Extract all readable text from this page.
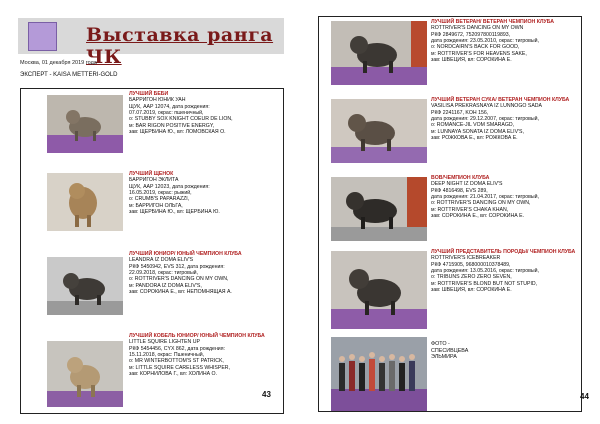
Выставка ранга ЧК
Москва, 01 декабря 2019 года
ЭКСПЕРТ - KAISA METTERI-GOLD
ЛУЧШИЙ БЕБИ
БАРРИГОН ЮНИК УАН
ЩУК, AAP 12074, дата рождения:
07.07.2019, окрас: пшеничный,
о: STUBBY SOX KNIGHT COEUR DE LION,
м: BAR RIGON POSITIVE ENERGY,
зав: ЩЕРБИНА Ю., вл: ЛОМОВСКАЯ О.
ЛУЧШИЙ ЩЕНОК
БАРРИГОН ЭКЛИТА
ЩУК, AAP 12023, дата рождения:
16.05.2019, окрас: рыжий,
о: CRUMB'S PAPARAZZI,
м: БАРРИГОН ОЛЬГА,
зав: ЩЕРБИНА Ю., вл: ЩЕРБИНА Ю.
ЛУЧШИЙ ЮНИОР/ ЮНЫЙ ЧЕМПИОН КЛУБА
LEANDRA IZ DOMA ELIV'S
РКФ 5450942, EVS 312, дата рождения:
22.09.2018, окрас: тигровый,
о: ROTTRIVER'S DANCING ON MY OWN,
м: PANDORA IZ DOMA ELIV'S,
зав: СОРОКИНА Е., вл: НЕПОМНЯЩАЯ А.
ЛУЧШИЙ КОБЕЛЬ ЮНИОР/ ЮНЫЙ ЧЕМПИОН КЛУБА
LITTLE SQUIRE LIGHTEN UP
РКФ 5454456, CYX 862, дата рождения:
15.11.2018, окрас: Пшеничный,
о: MR WINTERBOTTOM'S ST PATRICK,
м: LITTLE SQUIRE CARELESS WHISPER,
зав: КОРНИЛОВА Г., вл: ХОЛИНА О.
43
ЛУЧШИЙ ВЕТЕРАН/ ВЕТЕРАН ЧЕМПИОН КЛУБА
ROTTRIVER'S DANCING ON MY OWN
РКФ 2849672, 752097800119893,
дата рождения: 23.05.2010, окрас: тигровый,
о: NORDCAIRN'S BACK FOR GOOD,
м: ROTTRIVER'S FOR HEAVENS SAKE,
зав: ШВЕЦИЯ, вл: СОРОКИНА Е.
ЛУЧШИЙ ВЕТЕРАН СУКА/ ВЕТЕРАН ЧЕМПИОН КЛУБА
VASILISA PREKRASNAYA IZ LUNNOGO SADA
РКФ 2241167, KOH 156,
дата рождения: 29.12.2007, окрас: тигровый,
о: ROMANCE-JIL VOM SMARAGD,
м: LUNNAYA SONATA IZ DOMA ELIV'S,
зав: РОЖКОВА Е., вл: РОЖКОВА Е.
BOB/ЧЕМПИОН КЛУБА
DEEP NIGHT IZ DOMA ELIV'S
РКФ 4816498, EVS 289,
дата рождения: 21.04.2017, окрас: тигровый,
о: ROTTRIVER'S DANCING ON MY OWN,
м: ROTTRIVER'S CHAKA KHAN,
зав: СОРОКИНА Е., вл: СОРОКИНА Е.
ЛУЧШИЙ ПРЕДСТАВИТЕЛЬ ПОРОДЫ/ ЧЕМПИОН КЛУБА
ROTTRIVER'S ICEBREAKER
РКФ 4715905, 968000010378489,
дата рождения: 13.05.2016, окрас: тигровый,
о: TRIBUNS ZERO ZERO SEVEN,
м: ROTTRIVER'S BLOND BUT NOT STUPID,
зав: ШВЕЦИЯ, вл: СОРОКИНА Е.
ФОТО - СПЕСИВЦЕВА ЭЛЬМИРА
44
